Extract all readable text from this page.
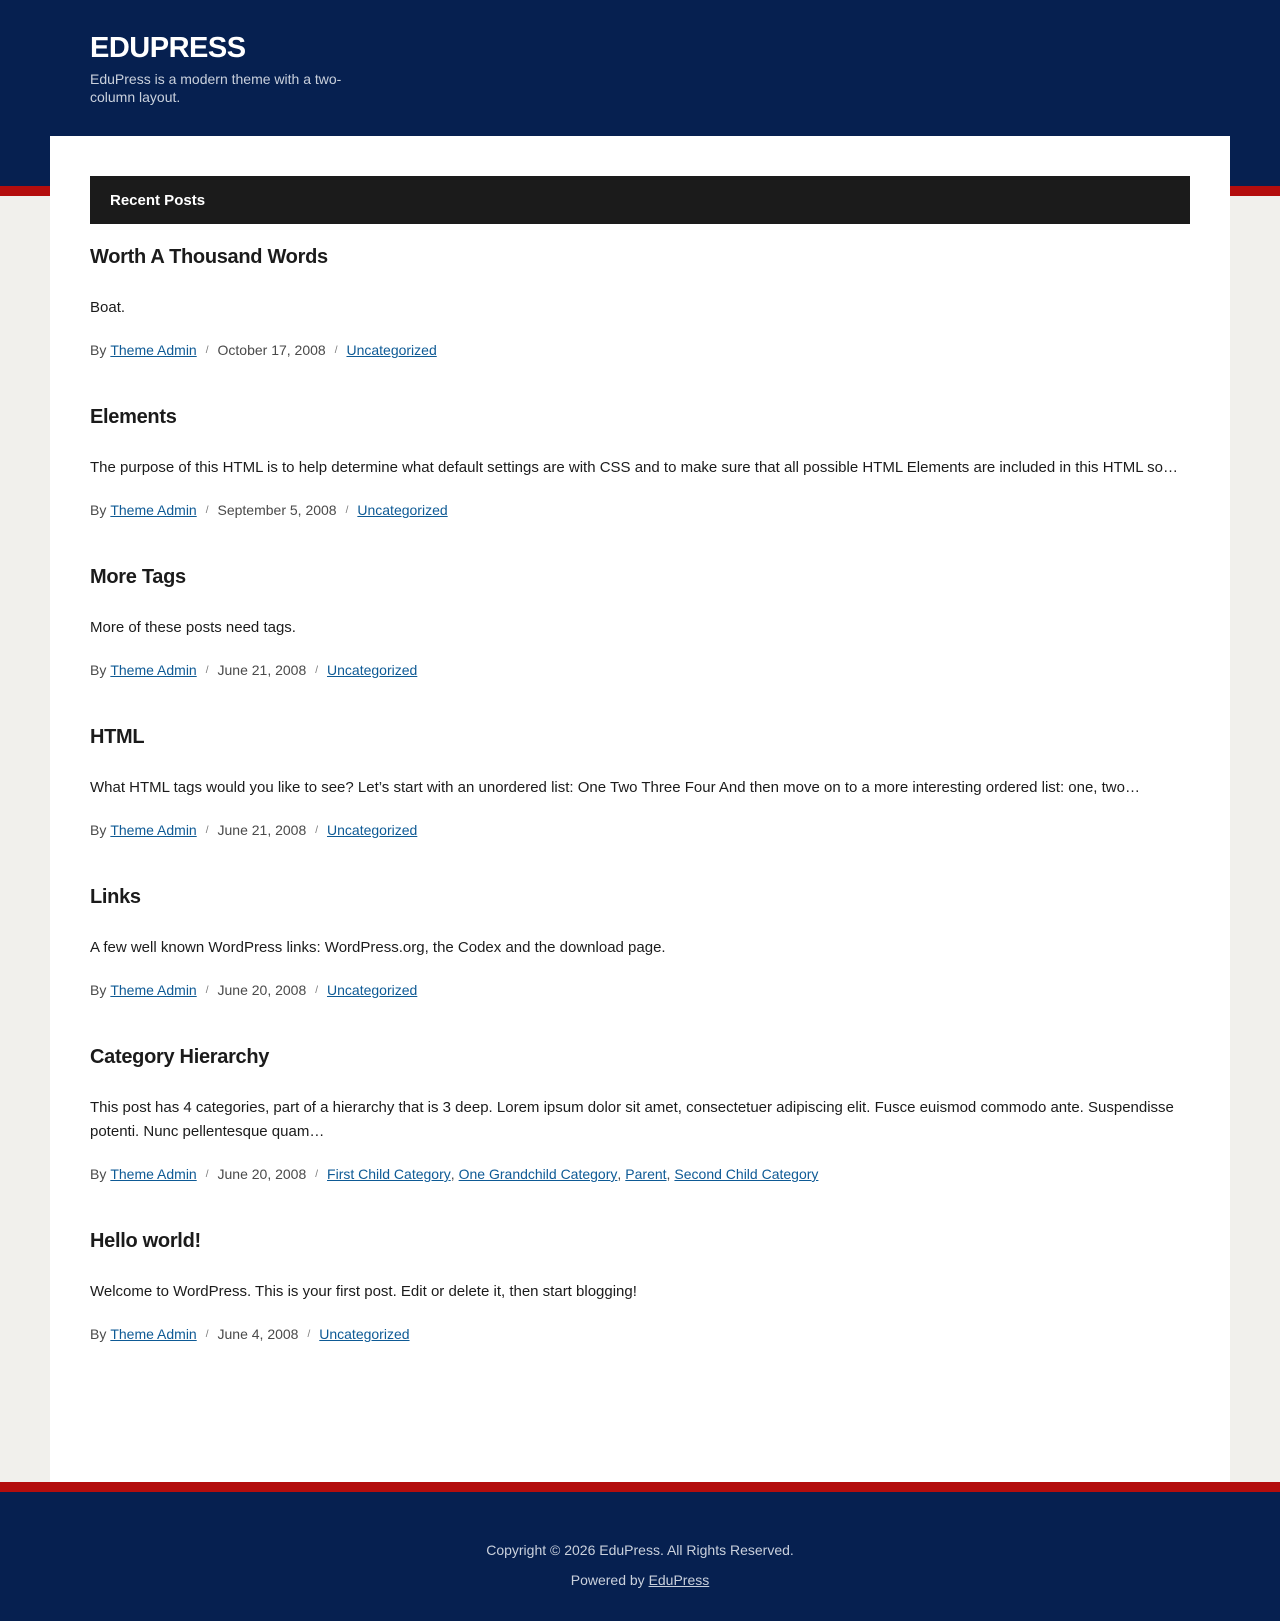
EDUPRESS

EduPress is a modern theme with a two-column layout.

Recent Posts
Worth A Thousand Words

Boat.

By Theme Admin / October 17, 2008 / Uncategorized
Elements

The purpose of this HTML is to help determine what default settings are with CSS and to make sure that all possible HTML Elements are included in this HTML so…

By Theme Admin / September 5, 2008 / Uncategorized
More Tags

More of these posts need tags.

By Theme Admin / June 21, 2008 / Uncategorized
HTML

What HTML tags would you like to see? Let’s start with an unordered list: One Two Three Four And then move on to a more interesting ordered list: one, two…

By Theme Admin / June 21, 2008 / Uncategorized
Links

A few well known WordPress links: WordPress.org, the Codex and the download page.

By Theme Admin / June 20, 2008 / Uncategorized
Category Hierarchy

This post has 4 categories, part of a hierarchy that is 3 deep. Lorem ipsum dolor sit amet, consectetuer adipiscing elit. Fusce euismod commodo ante. Suspendisse potenti. Nunc pellentesque quam…

By Theme Admin / June 20, 2008 / First Child Category , One Grandchild Category , Parent , Second Child Category
Hello world!

Welcome to WordPress. This is your first post. Edit or delete it, then start blogging!

By Theme Admin / June 4, 2008 / Uncategorized
Copyright © 2026 EduPress. All Rights Reserved.
Powered by EduPress
